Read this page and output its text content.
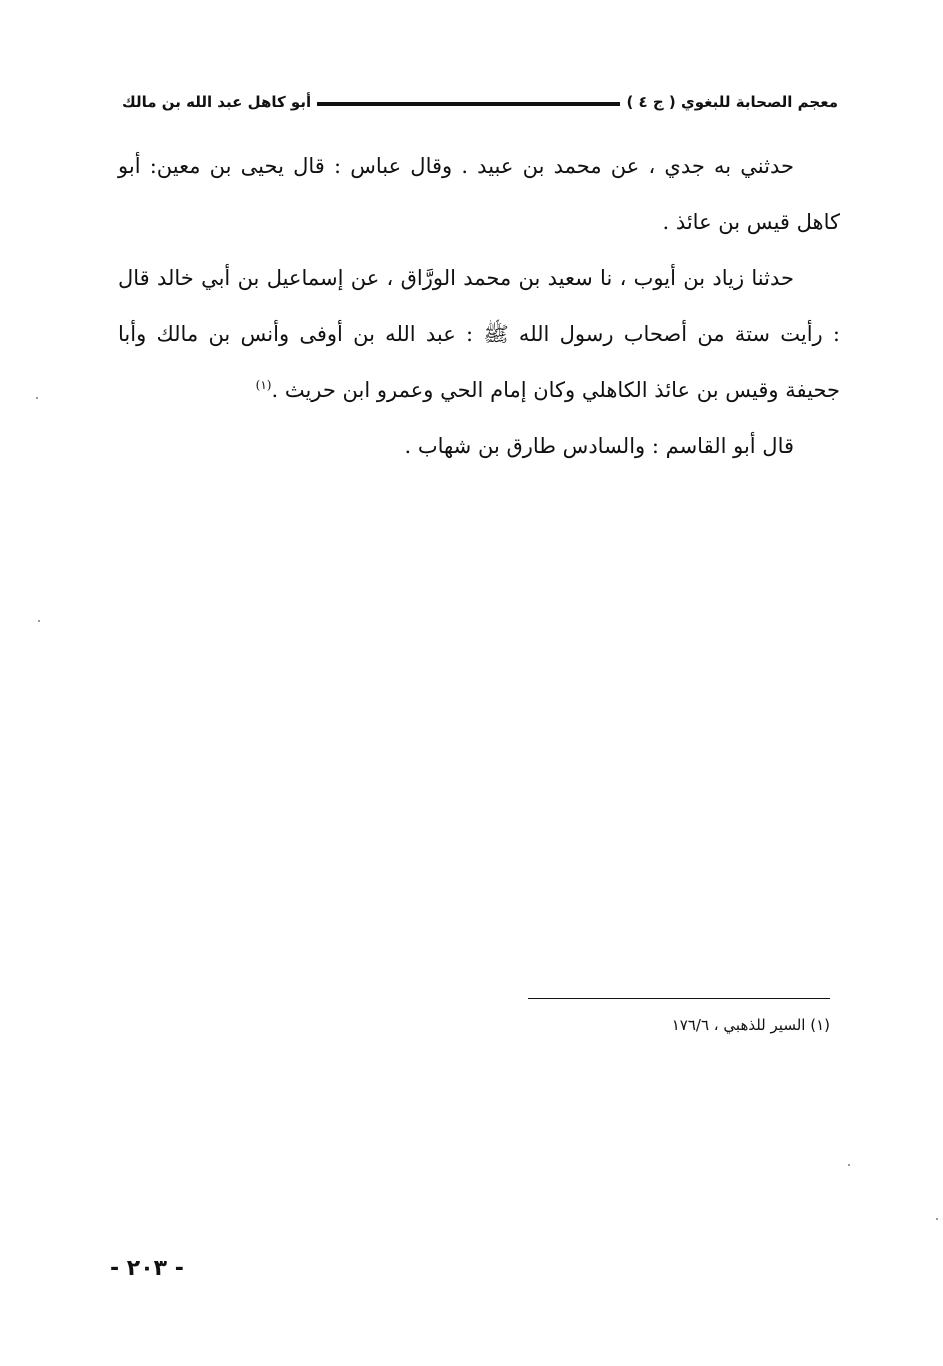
معجم الصحابة للبغوي ( ج ٤ )
أبو كاهل عبد الله بن مالك

حدثني به جدي ، عن محمد بن عبيد . وقال عباس : قال يحيى بن معين: أبو كاهل قيس بن عائذ .

حدثنا زياد بن أيوب ، نا سعيد بن محمد الورَّاق ، عن إسماعيل بن أبي خالد قال : رأيت ستة من أصحاب رسول الله ﷺ : عبد الله بن أوفى وأنس بن مالك وأبا جحيفة وقيس بن عائذ الكاهلي وكان إمام الحي وعمرو ابن حريث .$^{(١)}$

قال أبو القاسم : والسادس طارق بن شهاب .

(١) السير للذهبي ، ١٧٦/٦
- ٢٠٣ -
